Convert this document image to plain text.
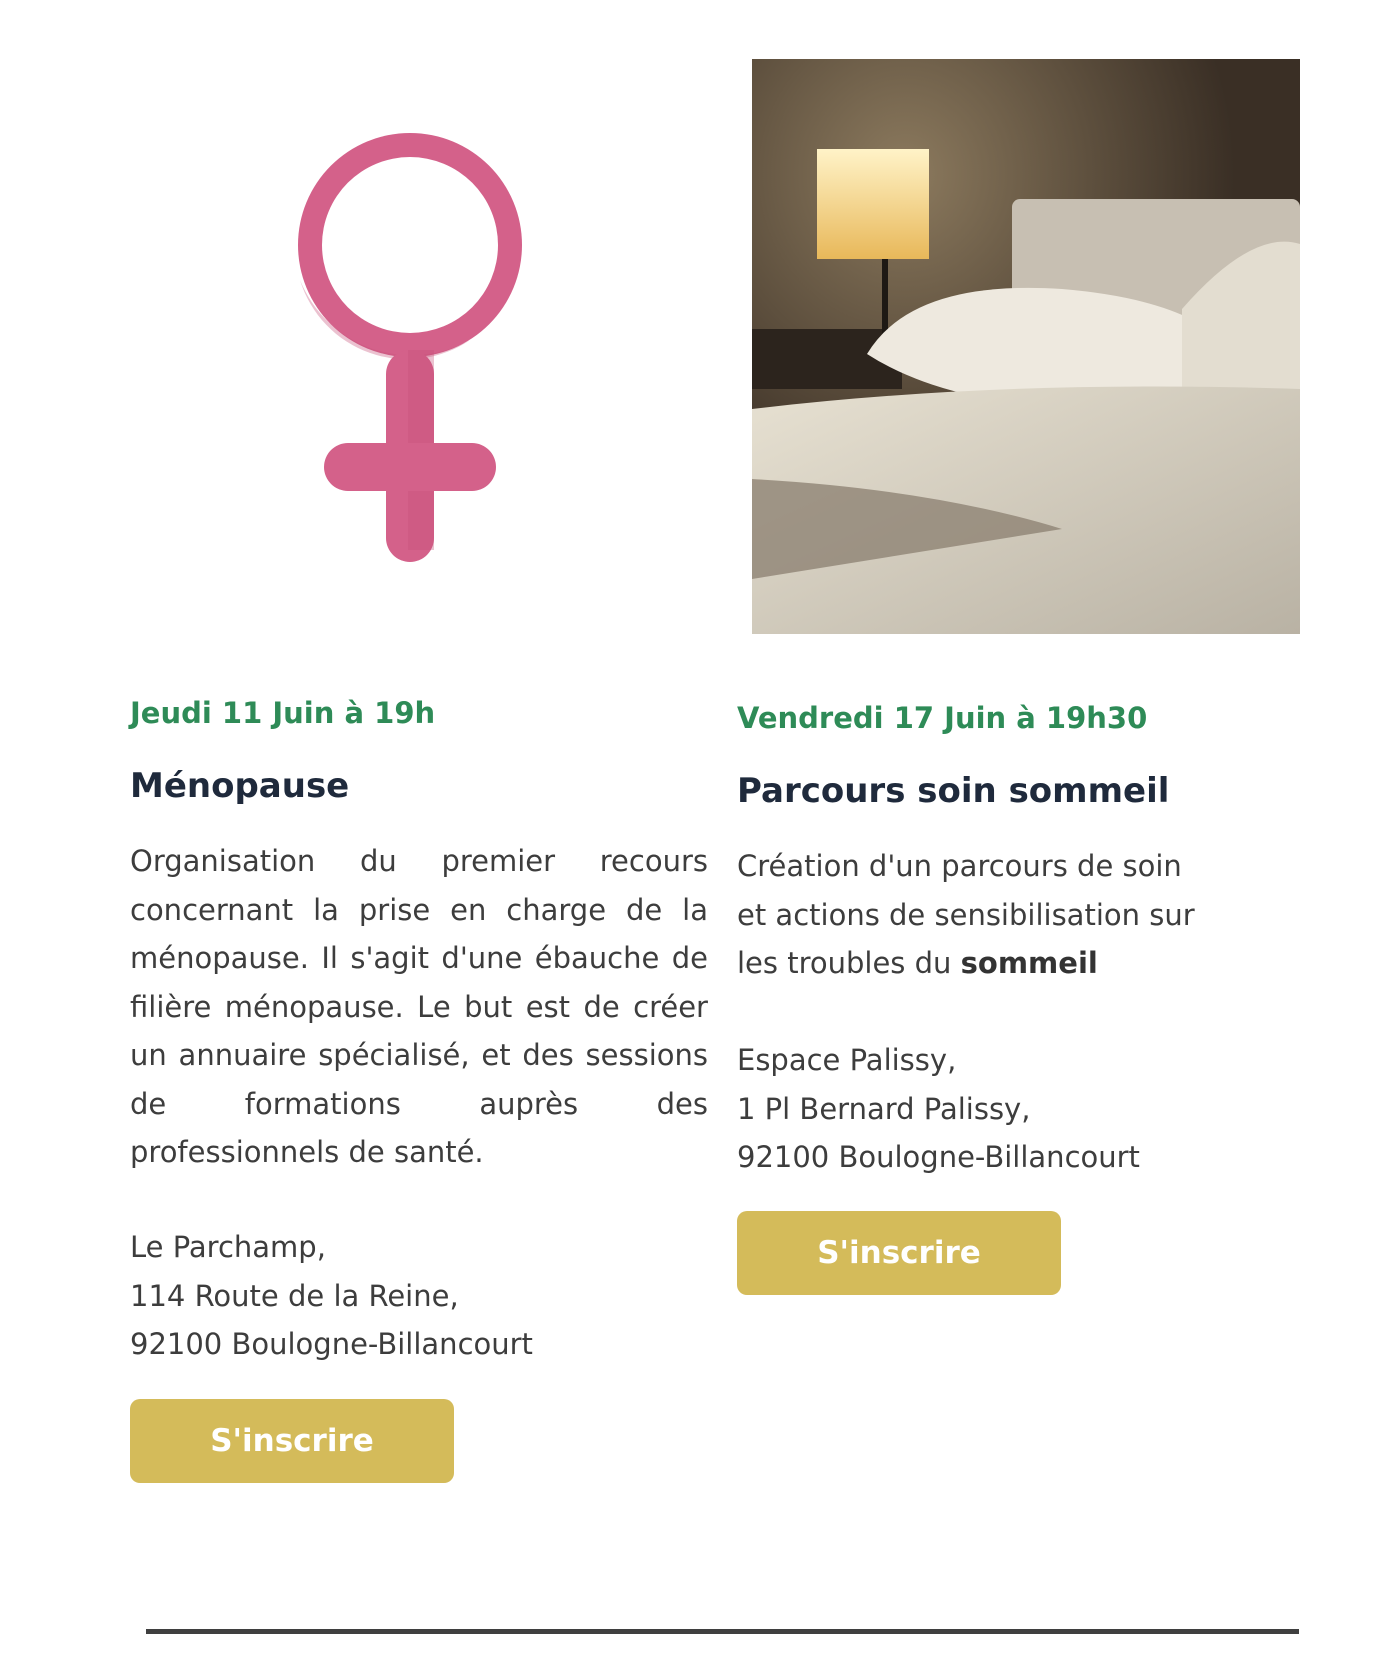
Jeudi 11 Juin à 19h

Ménopause

Organisation du premier recours concernant la prise en charge de la ménopause. Il s'agit d'une ébauche de filière ménopause. Le but est de créer un annuaire spécialisé, et des sessions de formations auprès des professionnels de santé.

Le Parchamp,
114 Route de la Reine,
92100 Boulogne-Billancourt
S'inscrire

Vendredi 17 Juin à 19h30

Parcours soin sommeil

Création d'un parcours de soin et actions de sensibilisation sur les troubles du sommeil

Espace Palissy,
1 Pl Bernard Palissy,
92100 Boulogne-Billancourt
S'inscrire
